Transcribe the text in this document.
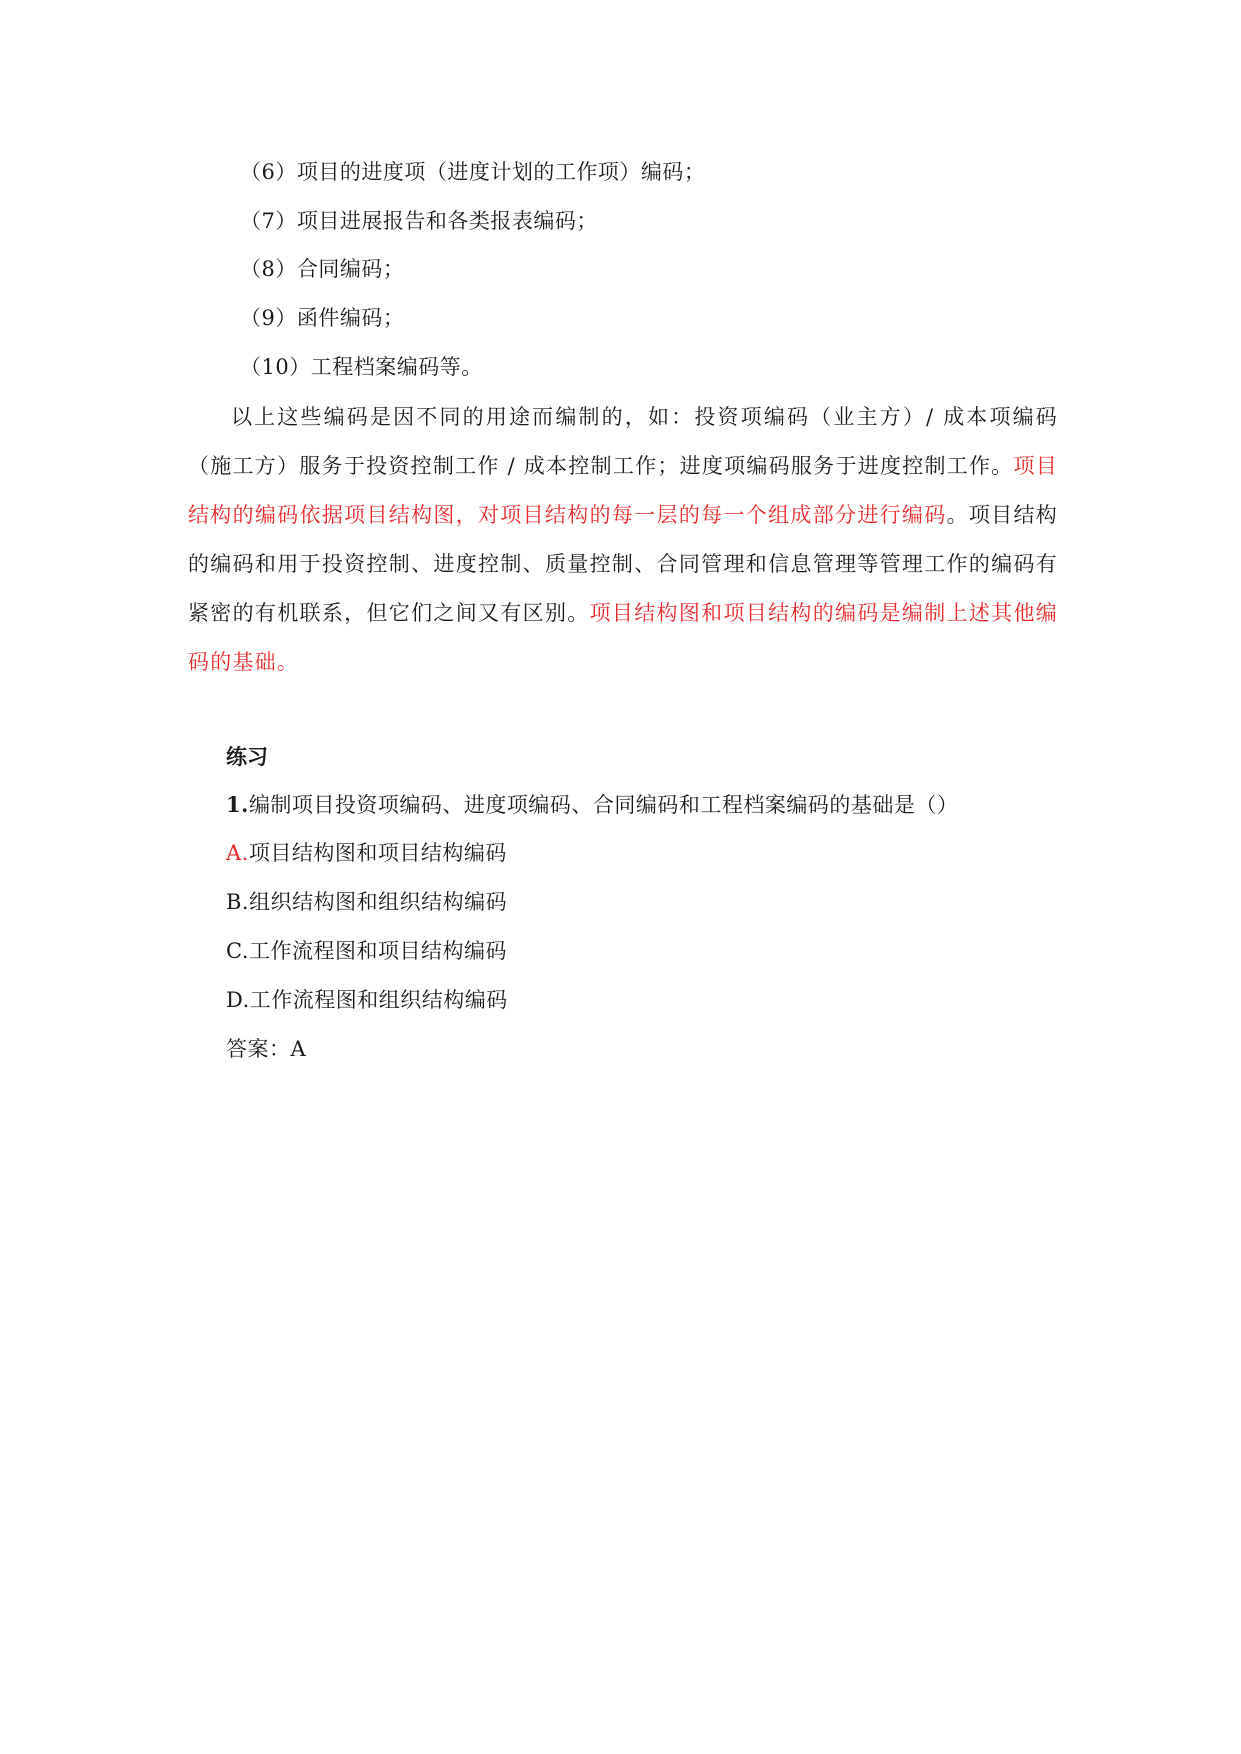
（6）项目的进度项（进度计划的工作项）编码；
（7）项目进展报告和各类报表编码；
（8）合同编码；
（9）函件编码；
（10）工程档案编码等。
以上这些编码是因不同的用途而编制的，如：投资项编码（业主方）/ 成本项编码（施工方）服务于投资控制工作 / 成本控制工作；进度项编码服务于进度控制工作。项目结构的编码依据项目结构图，对项目结构的每一层的每一个组成部分进行编码。项目结构的编码和用于投资控制、进度控制、质量控制、合同管理和信息管理等管理工作的编码有紧密的有机联系，但它们之间又有区别。项目结构图和项目结构的编码是编制上述其他编码的基础。
练习
1.编制项目投资项编码、进度项编码、合同编码和工程档案编码的基础是（）
A.项目结构图和项目结构编码
B.组织结构图和组织结构编码
C.工作流程图和项目结构编码
D.工作流程图和组织结构编码
答案：A
